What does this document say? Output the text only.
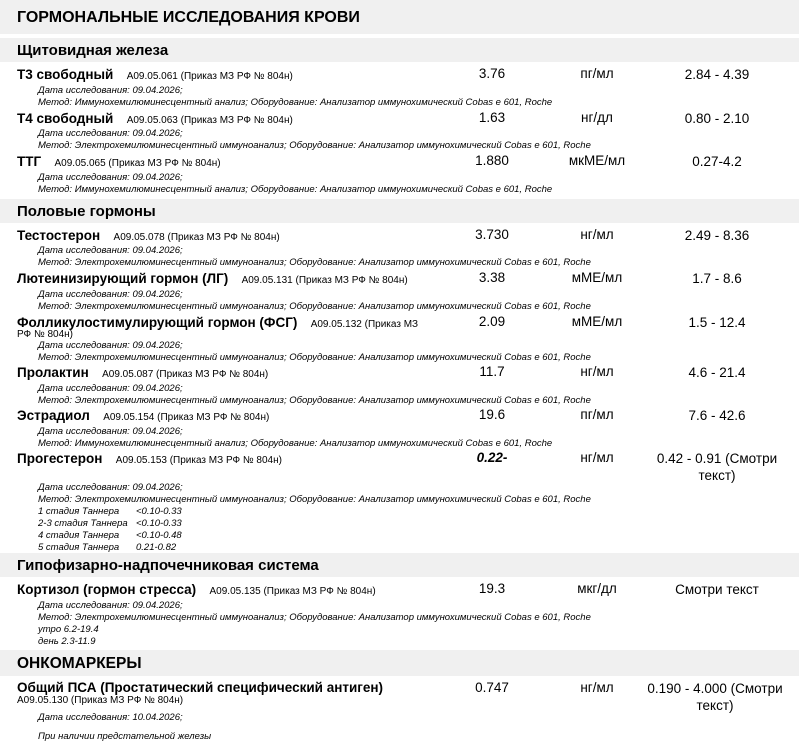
ГОРМОНАЛЬНЫЕ ИССЛЕДОВАНИЯ КРОВИ
Щитовидная железа
Т3 свободный A09.05.061 (Приказ МЗ РФ № 804н)	3.76	пг/мл	2.84 - 4.39
Дата исследования: 09.04.2026;
Метод: Иммунохемилюминесцентный анализ; Оборудование: Анализатор иммунохимический Cobas e 601, Roche
Т4 свободный A09.05.063 (Приказ МЗ РФ № 804н)	1.63	нг/дл	0.80 - 2.10
Дата исследования: 09.04.2026;
Метод: Электрохемилюминесцентный иммуноанализ; Оборудование: Анализатор иммунохимический Cobas e 601, Roche
ТТГ A09.05.065 (Приказ МЗ РФ № 804н)	1.880	мкМЕ/мл	0.27-4.2
Дата исследования: 09.04.2026;
Метод: Иммунохемилюминесцентный анализ; Оборудование: Анализатор иммунохимический Cobas e 601, Roche
Половые гормоны
Тестостерон A09.05.078 (Приказ МЗ РФ № 804н)	3.730	нг/мл	2.49 - 8.36
Дата исследования: 09.04.2026;
Метод: Электрохемилюминесцентный иммуноанализ; Оборудование: Анализатор иммунохимический Cobas e 601, Roche
Лютеинизирующий гормон (ЛГ) A09.05.131 (Приказ МЗ РФ № 804н)	3.38	мМЕ/мл	1.7 - 8.6
Дата исследования: 09.04.2026;
Метод: Электрохемилюминесцентный иммуноанализ; Оборудование: Анализатор иммунохимический Cobas e 601, Roche
Фолликулостимулирующий гормон (ФСГ) A09.05.132 (Приказ МЗ
РФ № 804н)
2.09	мМЕ/мл	1.5 - 12.4
Дата исследования: 09.04.2026;
Метод: Электрохемилюминесцентный иммуноанализ; Оборудование: Анализатор иммунохимический Cobas e 601, Roche
Пролактин A09.05.087 (Приказ МЗ РФ № 804н)	11.7	нг/мл	4.6 - 21.4
Дата исследования: 09.04.2026;
Метод: Электрохемилюминесцентный иммуноанализ; Оборудование: Анализатор иммунохимический Cobas e 601, Roche
Эстрадиол A09.05.154 (Приказ МЗ РФ № 804н)	19.6	пг/мл	7.6 - 42.6
Дата исследования: 09.04.2026;
Метод: Иммунохемилюминесцентный анализ; Оборудование: Анализатор иммунохимический Cobas e 601, Roche
Прогестерон A09.05.153 (Приказ МЗ РФ № 804н)	0.22-	нг/мл	0.42 - 0.91 (Смотри
текст)
Дата исследования: 09.04.2026;
Метод: Электрохемилюминесцентный иммуноанализ; Оборудование: Анализатор иммунохимический Cobas e 601, Roche
1 стадия Таннера <0.10-0.33
2-3 стадия Таннера <0.10-0.33
4 стадия Таннера <0.10-0.48
5 стадия Таннера 0.21-0.82
Гипофизарно-надпочечниковая система
Кортизол (гормон стресса) A09.05.135 (Приказ МЗ РФ № 804н)	19.3	мкг/дл	Смотри текст
Дата исследования: 09.04.2026;
Метод: Электрохемилюминесцентный иммуноанализ; Оборудование: Анализатор иммунохимический Cobas e 601, Roche
утро 6.2-19.4
день 2.3-11.9
ОНКОМАРКЕРЫ
Общий ПСА (Простатический специфический антиген)
A09.05.130 (Приказ МЗ РФ № 804н)
0.747	нг/мл	0.190 - 4.000 (Смотри
текст)
Дата исследования: 10.04.2026;
При наличии предстательной железы
